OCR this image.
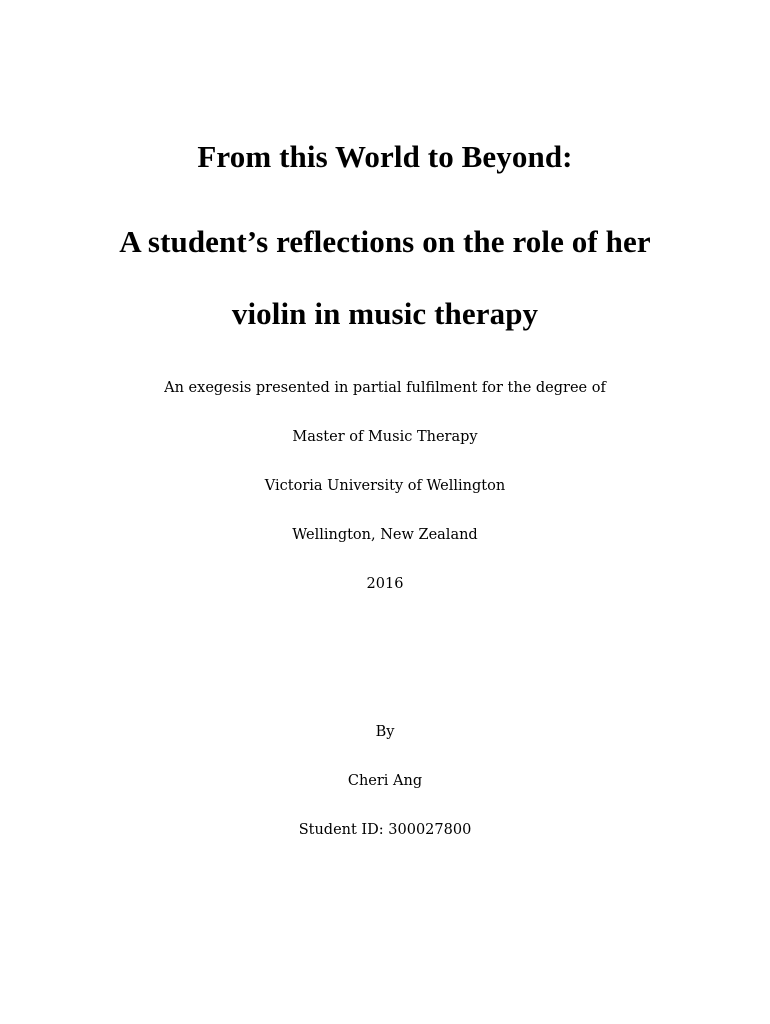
From this World to Beyond:
A student’s reflections on the role of her
violin in music therapy
An exegesis presented in partial fulfilment for the degree of
Master of Music Therapy
Victoria University of Wellington
Wellington, New Zealand
2016
By
Cheri Ang
Student ID: 300027800
